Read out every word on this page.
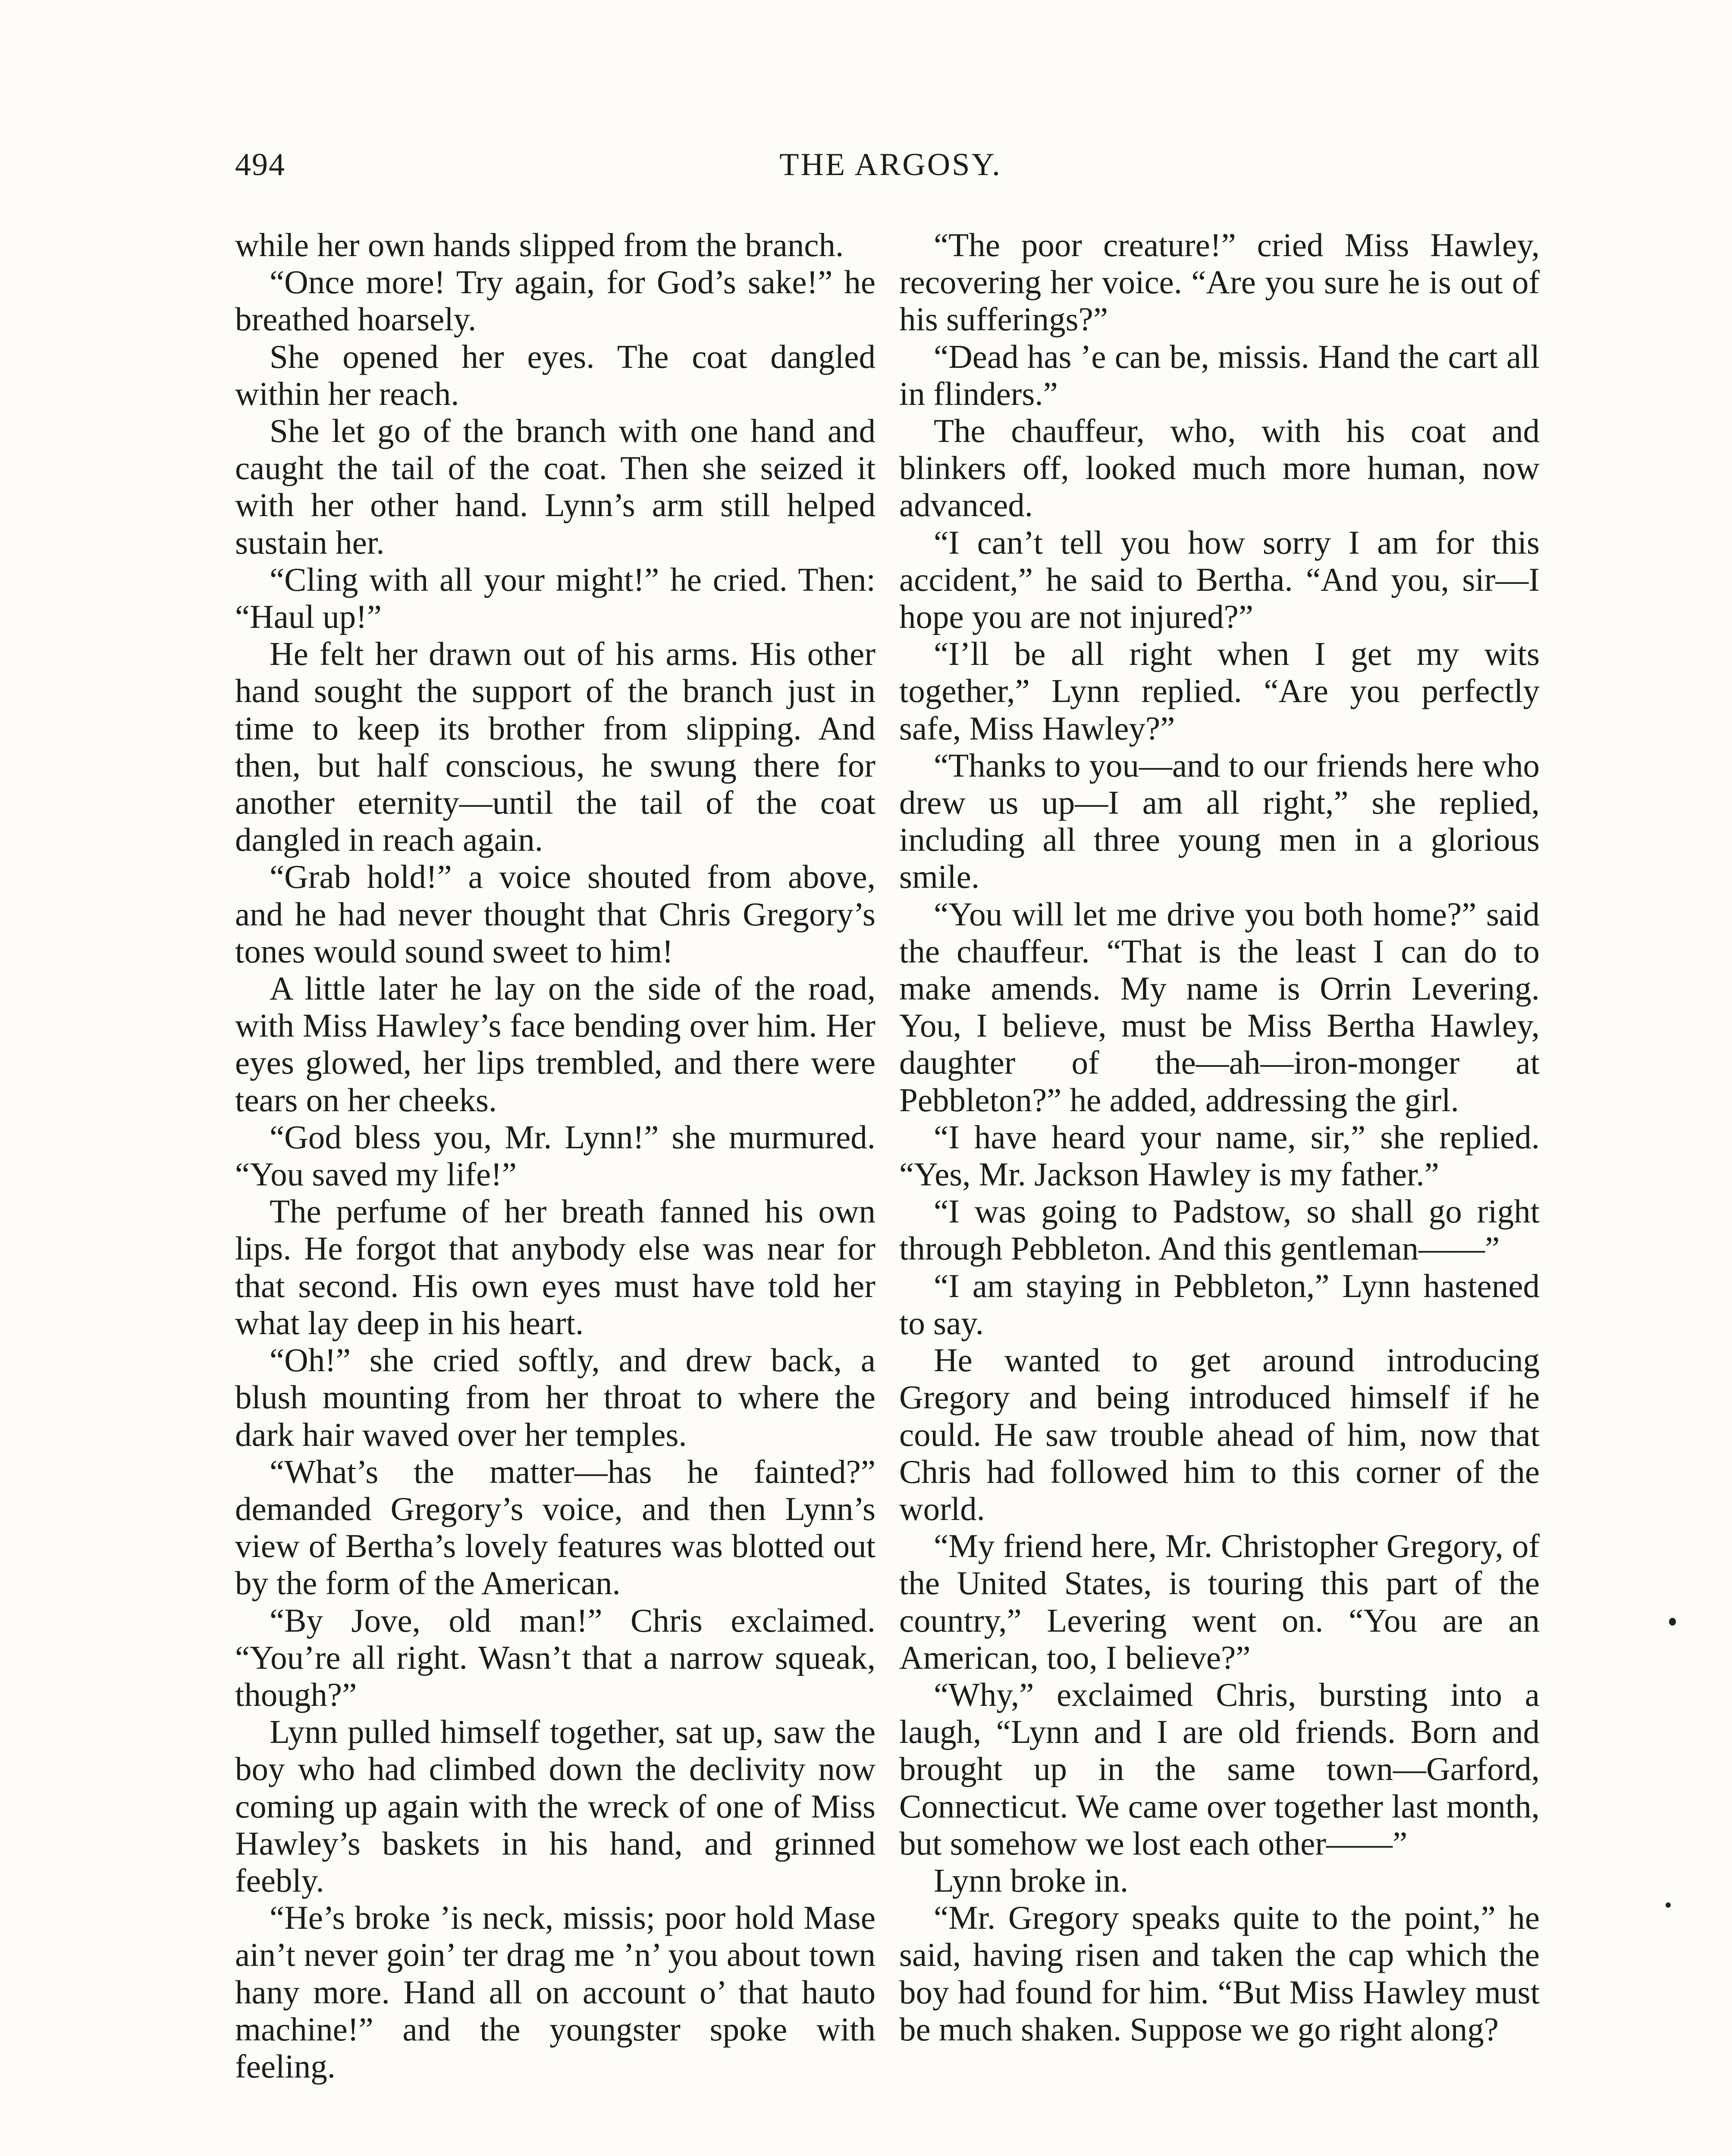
494	THE ARGOSY.

while her own hands slipped from the branch.

“Once more! Try again, for God’s sake!” he breathed hoarsely.

She opened her eyes. The coat dangled within her reach.

She let go of the branch with one hand and caught the tail of the coat. Then she seized it with her other hand. Lynn’s arm still helped sustain her.

“Cling with all your might!” he cried. Then: “Haul up!”

He felt her drawn out of his arms. His other hand sought the support of the branch just in time to keep its brother from slipping. And then, but half conscious, he swung there for another eternity—until the tail of the coat dangled in reach again.

“Grab hold!” a voice shouted from above, and he had never thought that Chris Gregory’s tones would sound sweet to him!

A little later he lay on the side of the road, with Miss Hawley’s face bending over him. Her eyes glowed, her lips trembled, and there were tears on her cheeks.

“God bless you, Mr. Lynn!” she murmured. “You saved my life!”

The perfume of her breath fanned his own lips. He forgot that anybody else was near for that second. His own eyes must have told her what lay deep in his heart.

“Oh!” she cried softly, and drew back, a blush mounting from her throat to where the dark hair waved over her temples.

“What’s the matter—has he fainted?” demanded Gregory’s voice, and then Lynn’s view of Bertha’s lovely features was blotted out by the form of the American.

“By Jove, old man!” Chris exclaimed. “You’re all right. Wasn’t that a narrow squeak, though?”

Lynn pulled himself together, sat up, saw the boy who had climbed down the declivity now coming up again with the wreck of one of Miss Hawley’s baskets in his hand, and grinned feebly.

“He’s broke ’is neck, missis; poor hold Mase ain’t never goin’ ter drag me ’n’ you about town hany more. Hand all on account o’ that hauto machine!” and the youngster spoke with feeling.

“The poor creature!” cried Miss Hawley, recovering her voice. “Are you sure he is out of his sufferings?”

“Dead has ’e can be, missis. Hand the cart all in flinders.”

The chauffeur, who, with his coat and blinkers off, looked much more human, now advanced.

“I can’t tell you how sorry I am for this accident,” he said to Bertha. “And you, sir—I hope you are not injured?”

“I’ll be all right when I get my wits together,” Lynn replied. “Are you perfectly safe, Miss Hawley?”

“Thanks to you—and to our friends here who drew us up—I am all right,” she replied, including all three young men in a glorious smile.

“You will let me drive you both home?” said the chauffeur. “That is the least I can do to make amends. My name is Orrin Levering. You, I believe, must be Miss Bertha Hawley, daughter of the—ah—iron-monger at Pebbleton?” he added, addressing the girl.

“I have heard your name, sir,” she replied. “Yes, Mr. Jackson Hawley is my father.”

“I was going to Padstow, so shall go right through Pebbleton. And this gentleman——”

“I am staying in Pebbleton,” Lynn hastened to say.

He wanted to get around introducing Gregory and being introduced himself if he could. He saw trouble ahead of him, now that Chris had followed him to this corner of the world.

“My friend here, Mr. Christopher Gregory, of the United States, is touring this part of the country,” Levering went on. “You are an American, too, I believe?”

“Why,” exclaimed Chris, bursting into a laugh, “Lynn and I are old friends. Born and brought up in the same town—Garford, Connecticut. We came over together last month, but somehow we lost each other——”

Lynn broke in.

“Mr. Gregory speaks quite to the point,” he said, having risen and taken the cap which the boy had found for him. “But Miss Hawley must be much shaken. Suppose we go right along?
